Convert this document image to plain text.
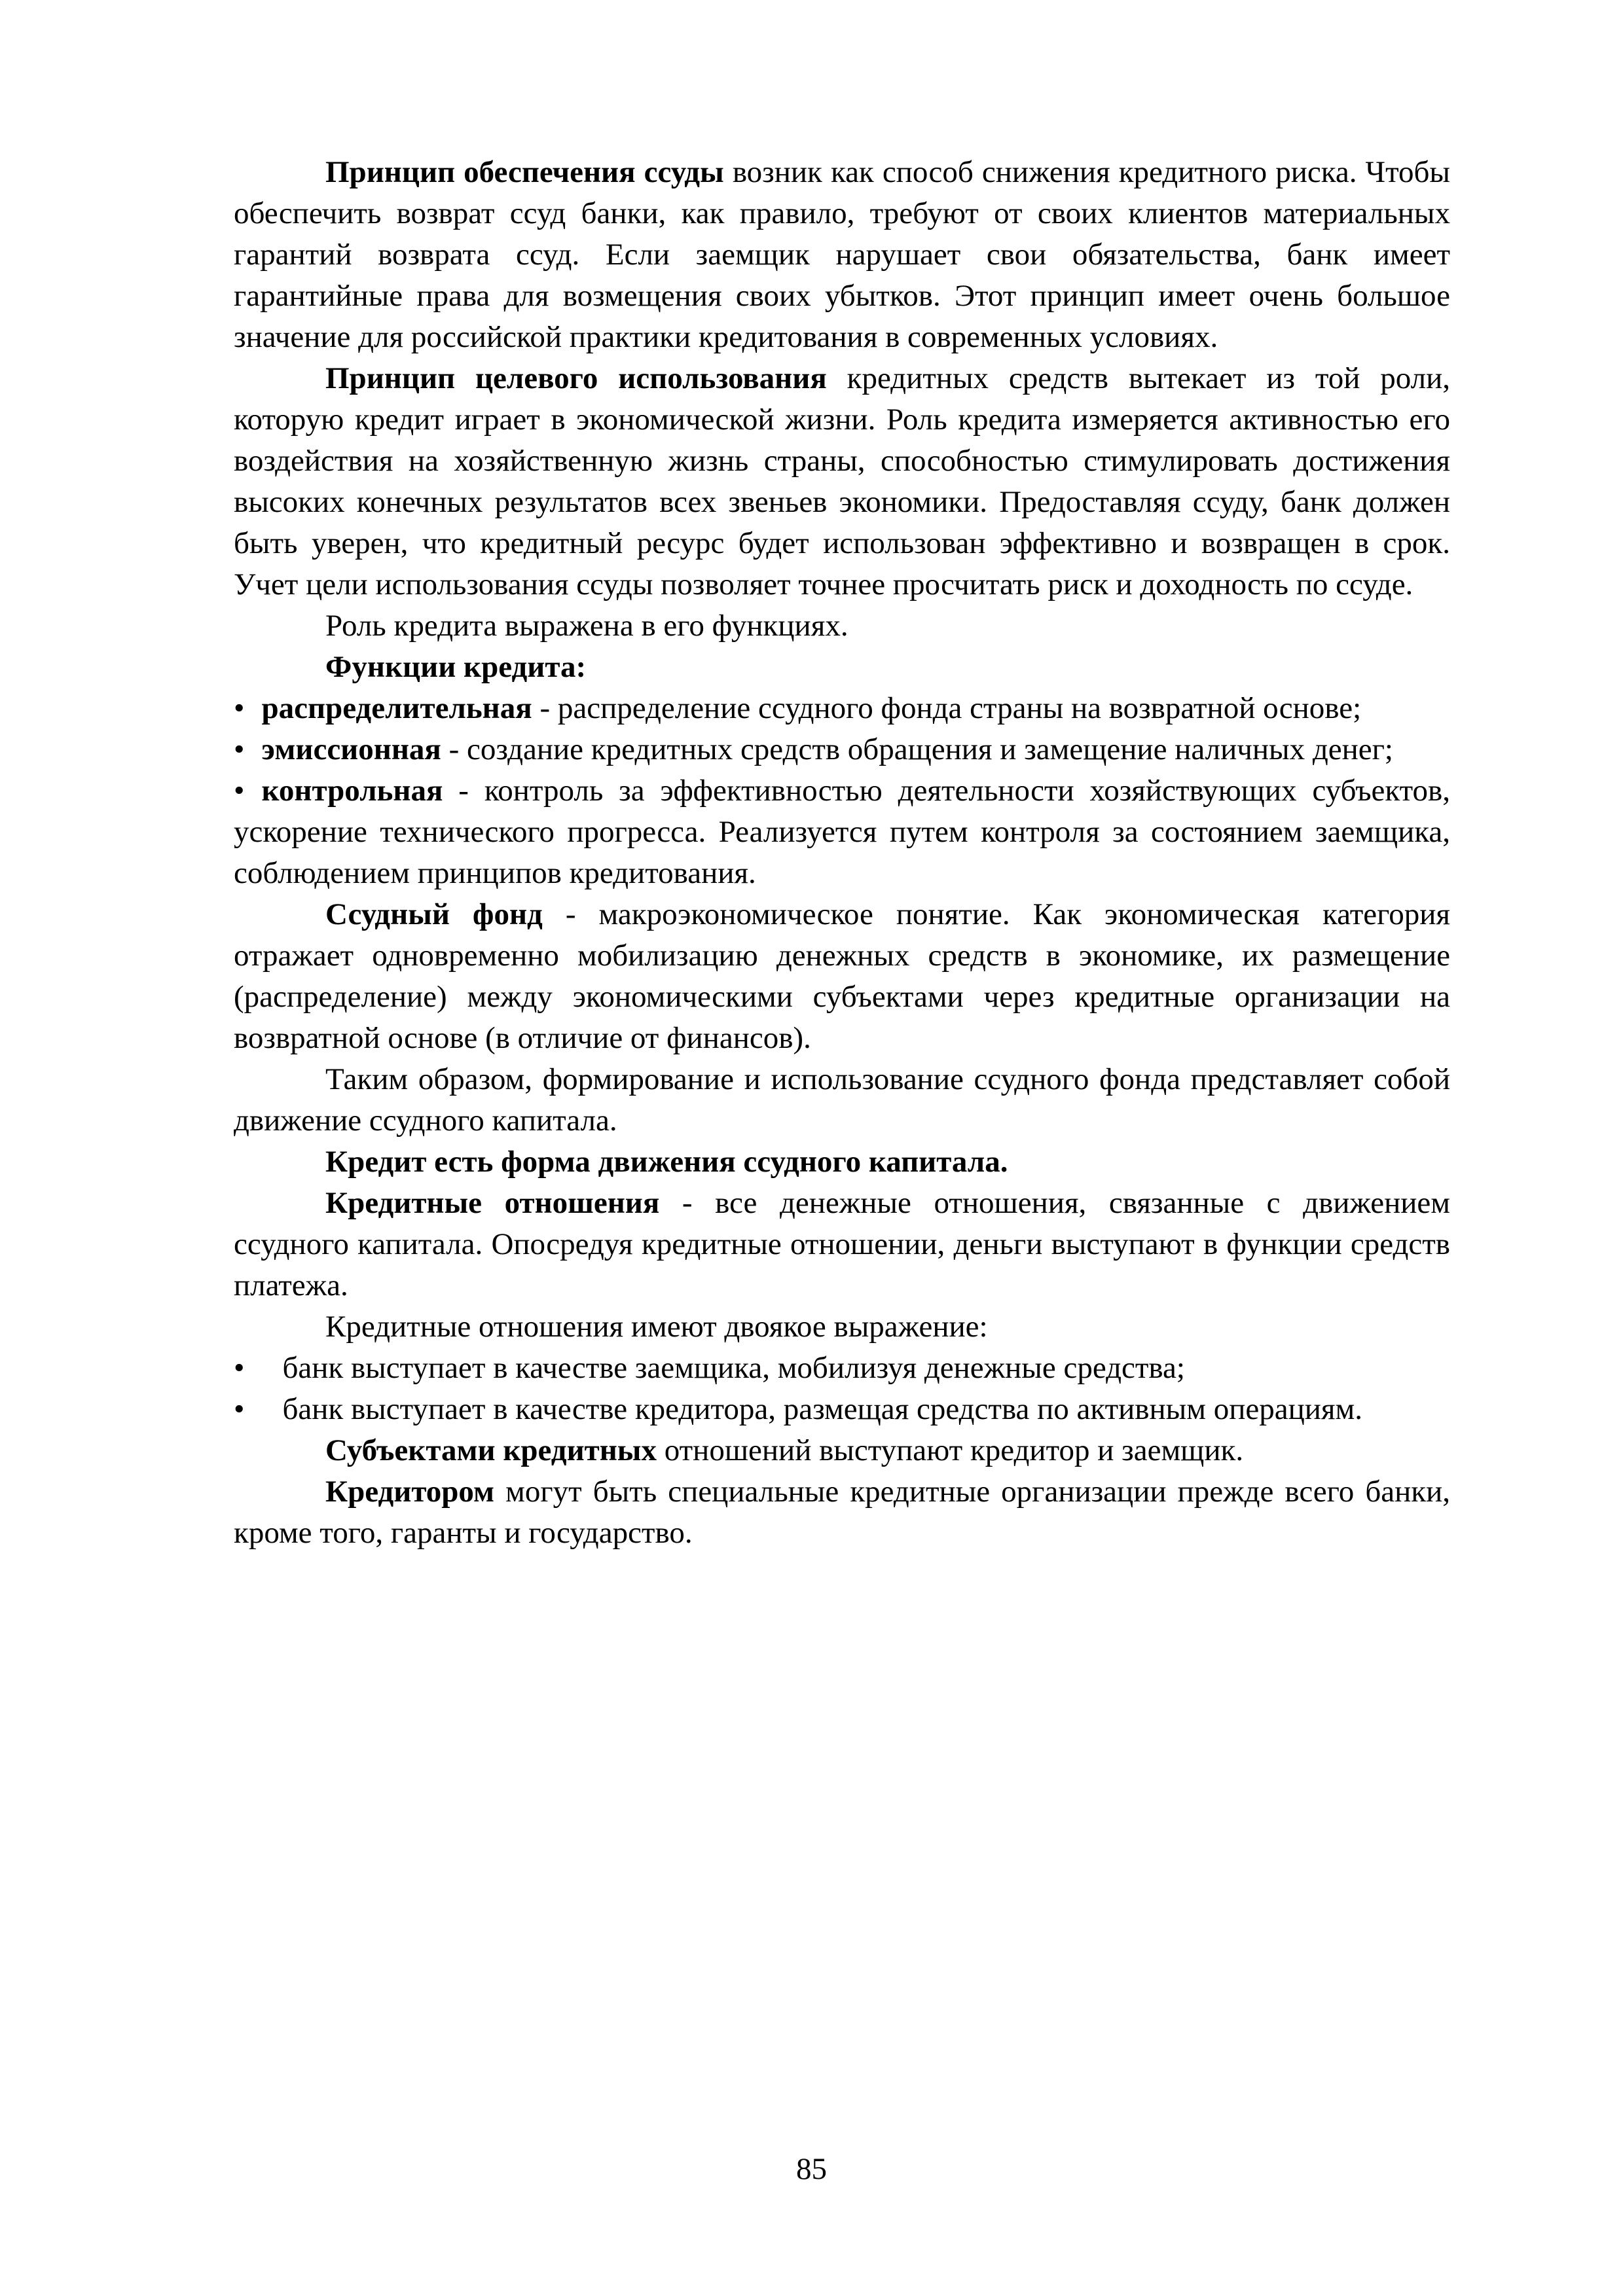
Принцип обеспечения ссуды возник как способ снижения кредитного риска. Чтобы обеспечить возврат ссуд банки, как правило, требуют от своих клиентов материальных гарантий возврата ссуд. Если заемщик нарушает свои обязательства, банк имеет гарантийные права для возмещения своих убытков. Этот принцип имеет очень большое значение для российской практики кредитования в современных условиях.

Принцип целевого использования кредитных средств вытекает из той роли, которую кредит играет в экономической жизни. Роль кредита измеряется активностью его воздействия на хозяйственную жизнь страны, способностью стимулировать достижения высоких конечных результатов всех звеньев экономики. Предоставляя ссуду, банк должен быть уверен, что кредитный ресурс будет использован эффективно и возвращен в срок. Учет цели использования ссуды позволяет точнее просчитать риск и доходность по ссуде.

Роль кредита выражена в его функциях.

Функции кредита:

• распределительная - распределение ссудного фонда страны на возвратной основе;

• эмиссионная - создание кредитных средств обращения и замещение наличных денег;

• контрольная - контроль за эффективностью деятельности хозяйствующих субъектов, ускорение технического прогресса. Реализуется путем контроля за состоянием заемщика, соблюдением принципов кредитования.

Ссудный фонд - макроэкономическое понятие. Как экономическая категория отражает одновременно мобилизацию денежных средств в экономике, их размещение (распределение) между экономическими субъектами через кредитные организации на возвратной основе (в отличие от финансов).

Таким образом, формирование и использование ссудного фонда представляет собой движение ссудного капитала.

Кредит есть форма движения ссудного капитала.

Кредитные отношения - все денежные отношения, связанные с движением ссудного капитала. Опосредуя кредитные отношении, деньги выступают в функции средств платежа.

Кредитные отношения имеют двоякое выражение:

• банк выступает в качестве заемщика, мобилизуя денежные средства;

• банк выступает в качестве кредитора, размещая средства по активным операциям.

Субъектами кредитных отношений выступают кредитор и заемщик.

Кредитором могут быть специальные кредитные организации прежде всего банки, кроме того, гаранты и государство.

85
